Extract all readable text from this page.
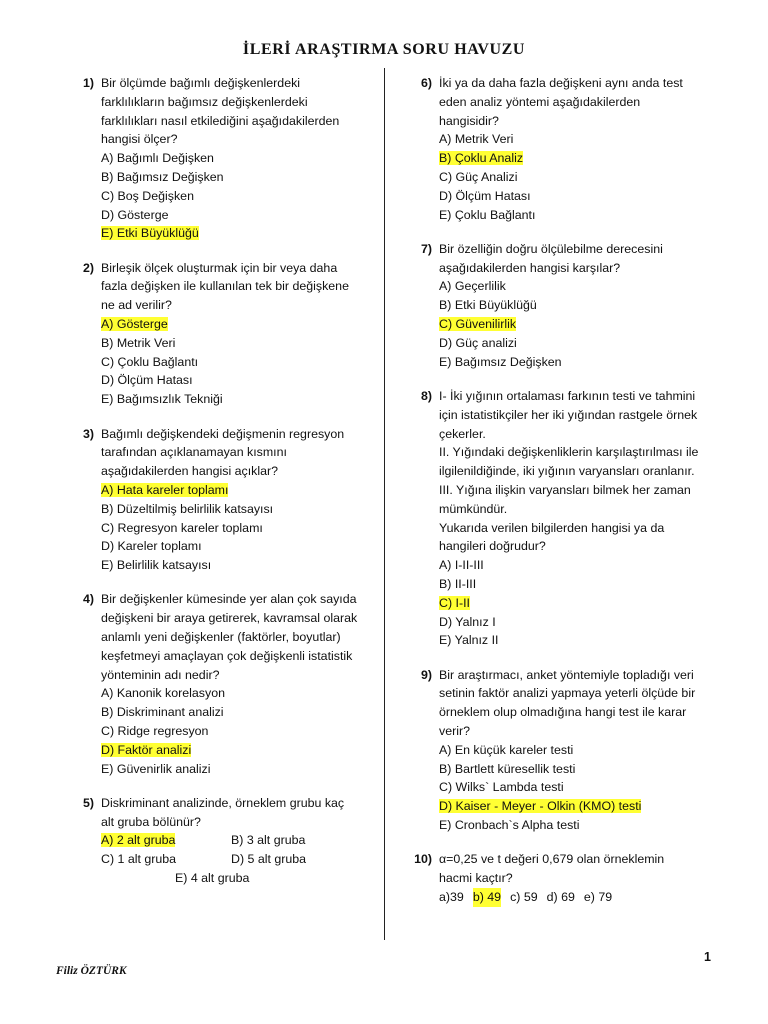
İLERİ ARAŞTIRMA SORU HAVUZU
1) Bir ölçümde bağımlı değişkenlerdeki
farklılıkların bağımsız değişkenlerdeki
farklılıkları nasıl etkilediğini aşağıdakilerden
hangisi ölçer?
A) Bağımlı Değişken
B) Bağımsız Değişken
C) Boş Değişken
D) Gösterge
E) Etki Büyüklüğü
2) Birleşik ölçek oluşturmak için bir veya daha
fazla değişken ile kullanılan tek bir değişkene
ne ad verilir?
A) Gösterge
B) Metrik Veri
C) Çoklu Bağlantı
D) Ölçüm Hatası
E) Bağımsızlık Tekniği
3) Bağımlı değişkendeki değişmenin regresyon
tarafından açıklanamayan kısmını
aşağıdakilerden hangisi açıklar?
A) Hata kareler toplamı
B) Düzeltilmiş belirlilik katsayısı
C) Regresyon kareler toplamı
D) Kareler toplamı
E) Belirlilik katsayısı
4) Bir değişkenler kümesinde yer alan çok sayıda
değişkeni bir araya getirerek, kavramsal olarak
anlamlı yeni değişkenler (faktörler, boyutlar)
keşfetmeyi amaçlayan çok değişkenli istatistik
yönteminin adı nedir?
A) Kanonik korelasyon
B) Diskriminant analizi
C) Ridge regresyon
D) Faktör analizi
E) Güvenirlik analizi
5) Diskriminant analizinde, örneklem grubu kaç
alt gruba bölünür?
A) 2 alt gruba	B) 3 alt gruba
C) 1 alt gruba	D) 5 alt gruba
E) 4 alt gruba
6) İki ya da daha fazla değişkeni aynı anda test
eden analiz yöntemi aşağıdakilerden
hangisidir?
A) Metrik Veri
B) Çoklu Analiz
C) Güç Analizi
D) Ölçüm Hatası
E) Çoklu Bağlantı
7) Bir özelliğin doğru ölçülebilme derecesini
aşağıdakilerden hangisi karşılar?
A) Geçerlilik
B) Etki Büyüklüğü
C) Güvenilirlik
D) Güç analizi
E) Bağımsız Değişken
8) I- İki yığının ortalaması farkının testi ve tahmini
için istatistikçiler her iki yığından rastgele örnek
çekerler.
II. Yığındaki değişkenliklerin karşılaştırılması ile
ilgilenildiğinde, iki yığının varyansları oranlanır.
III. Yığına ilişkin varyansları bilmek her zaman
mümkündür.
Yukarıda verilen bilgilerden hangisi ya da
hangileri doğrudur?
A) I-II-III
B) II-III
C) I-II
D) Yalnız I
E) Yalnız II
9) Bir araştırmacı, anket yöntemiyle topladığı veri
setinin faktör analizi yapmaya yeterli ölçüde bir
örneklem olup olmadığına hangi test ile karar
verir?
A) En küçük kareler testi
B) Bartlett küresellik testi
C) Wilks` Lambda testi
D) Kaiser - Meyer - Olkin (KMO) testi
E) Cronbach`s Alpha testi
10) α=0,25 ve t değeri 0,679 olan örneklemin
hacmi kaçtır?
a)39 b) 49 c) 59 d) 69 e) 79
Filiz ÖZTÜRK
1
